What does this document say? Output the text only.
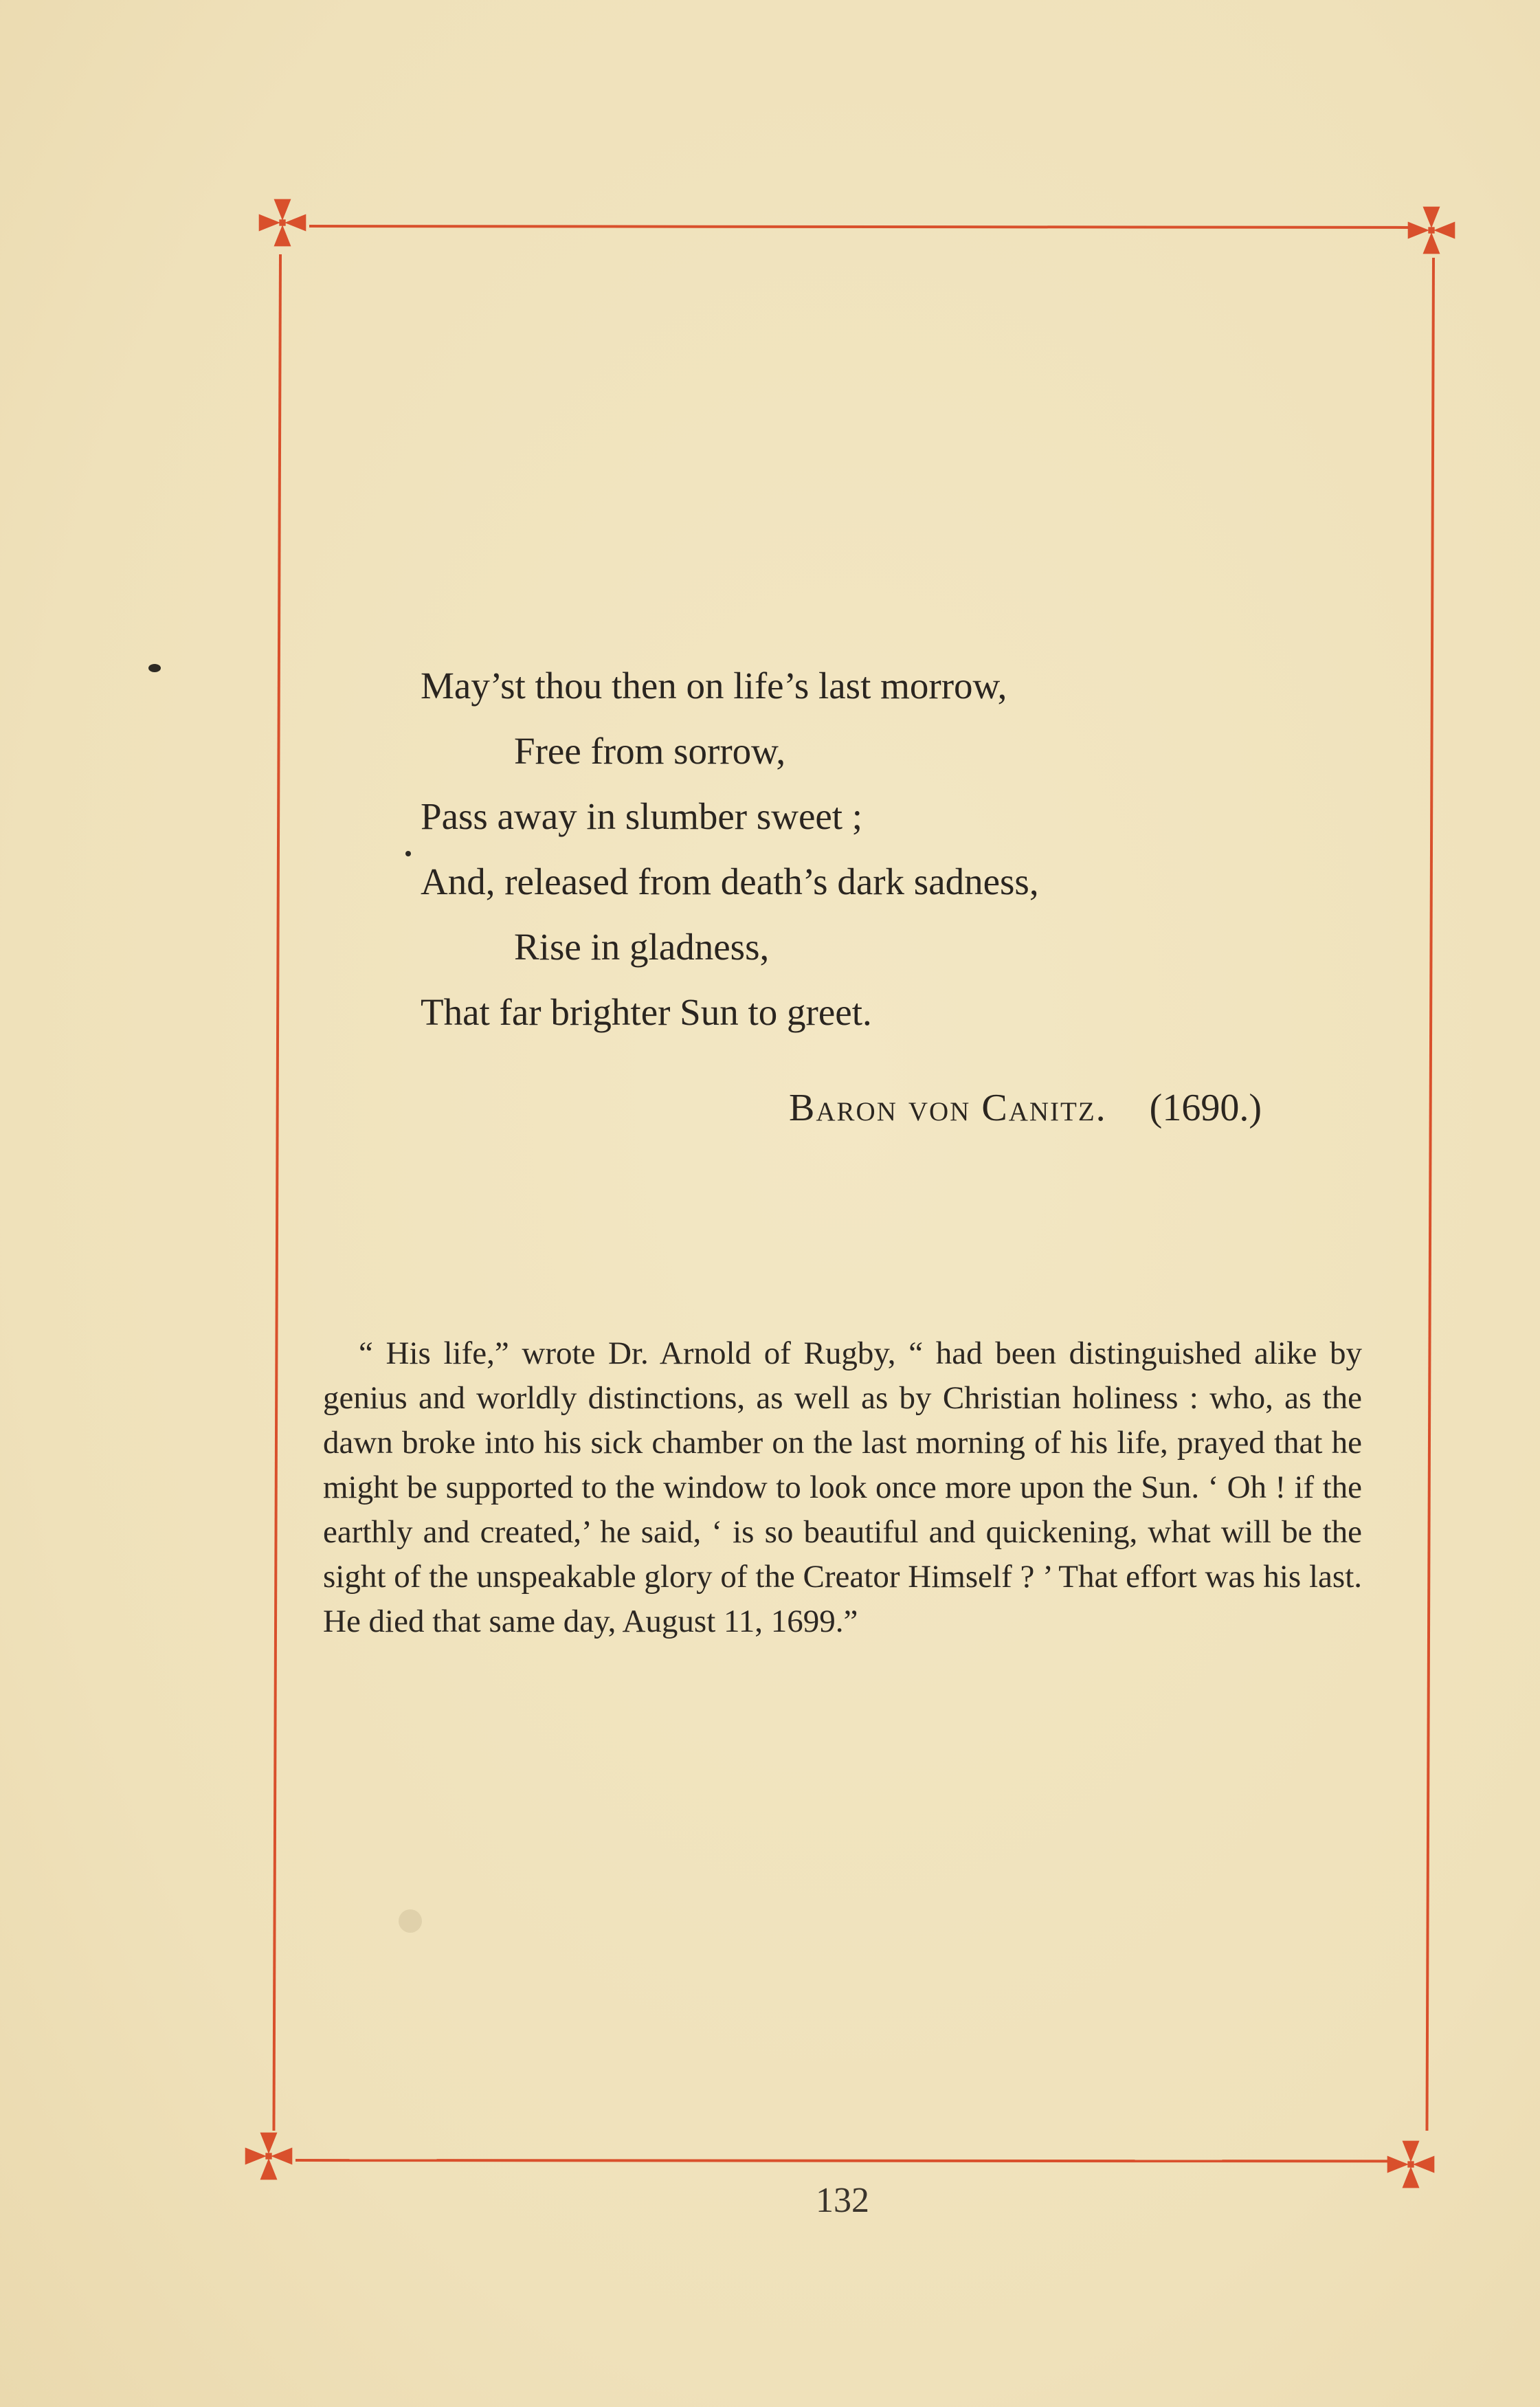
May’st thou then on life’s last morrow,
Free from sorrow,
Pass away in slumber sweet ;
And, released from death’s dark sadness,
Rise in gladness,
That far brighter Sun to greet.
Baron von Canitz. (1690.)

“ His life,” wrote Dr. Arnold of Rugby, “ had been distinguished alike by genius and worldly distinctions, as well as by Christian holiness : who, as the dawn broke into his sick chamber on the last morning of his life, prayed that he might be supported to the window to look once more upon the Sun. ‘ Oh ! if the earthly and created,’ he said, ‘ is so beautiful and quickening, what will be the sight of the unspeakable glory of the Creator Himself ? ’ That effort was his last. He died that same day, August 11, 1699.”

132
